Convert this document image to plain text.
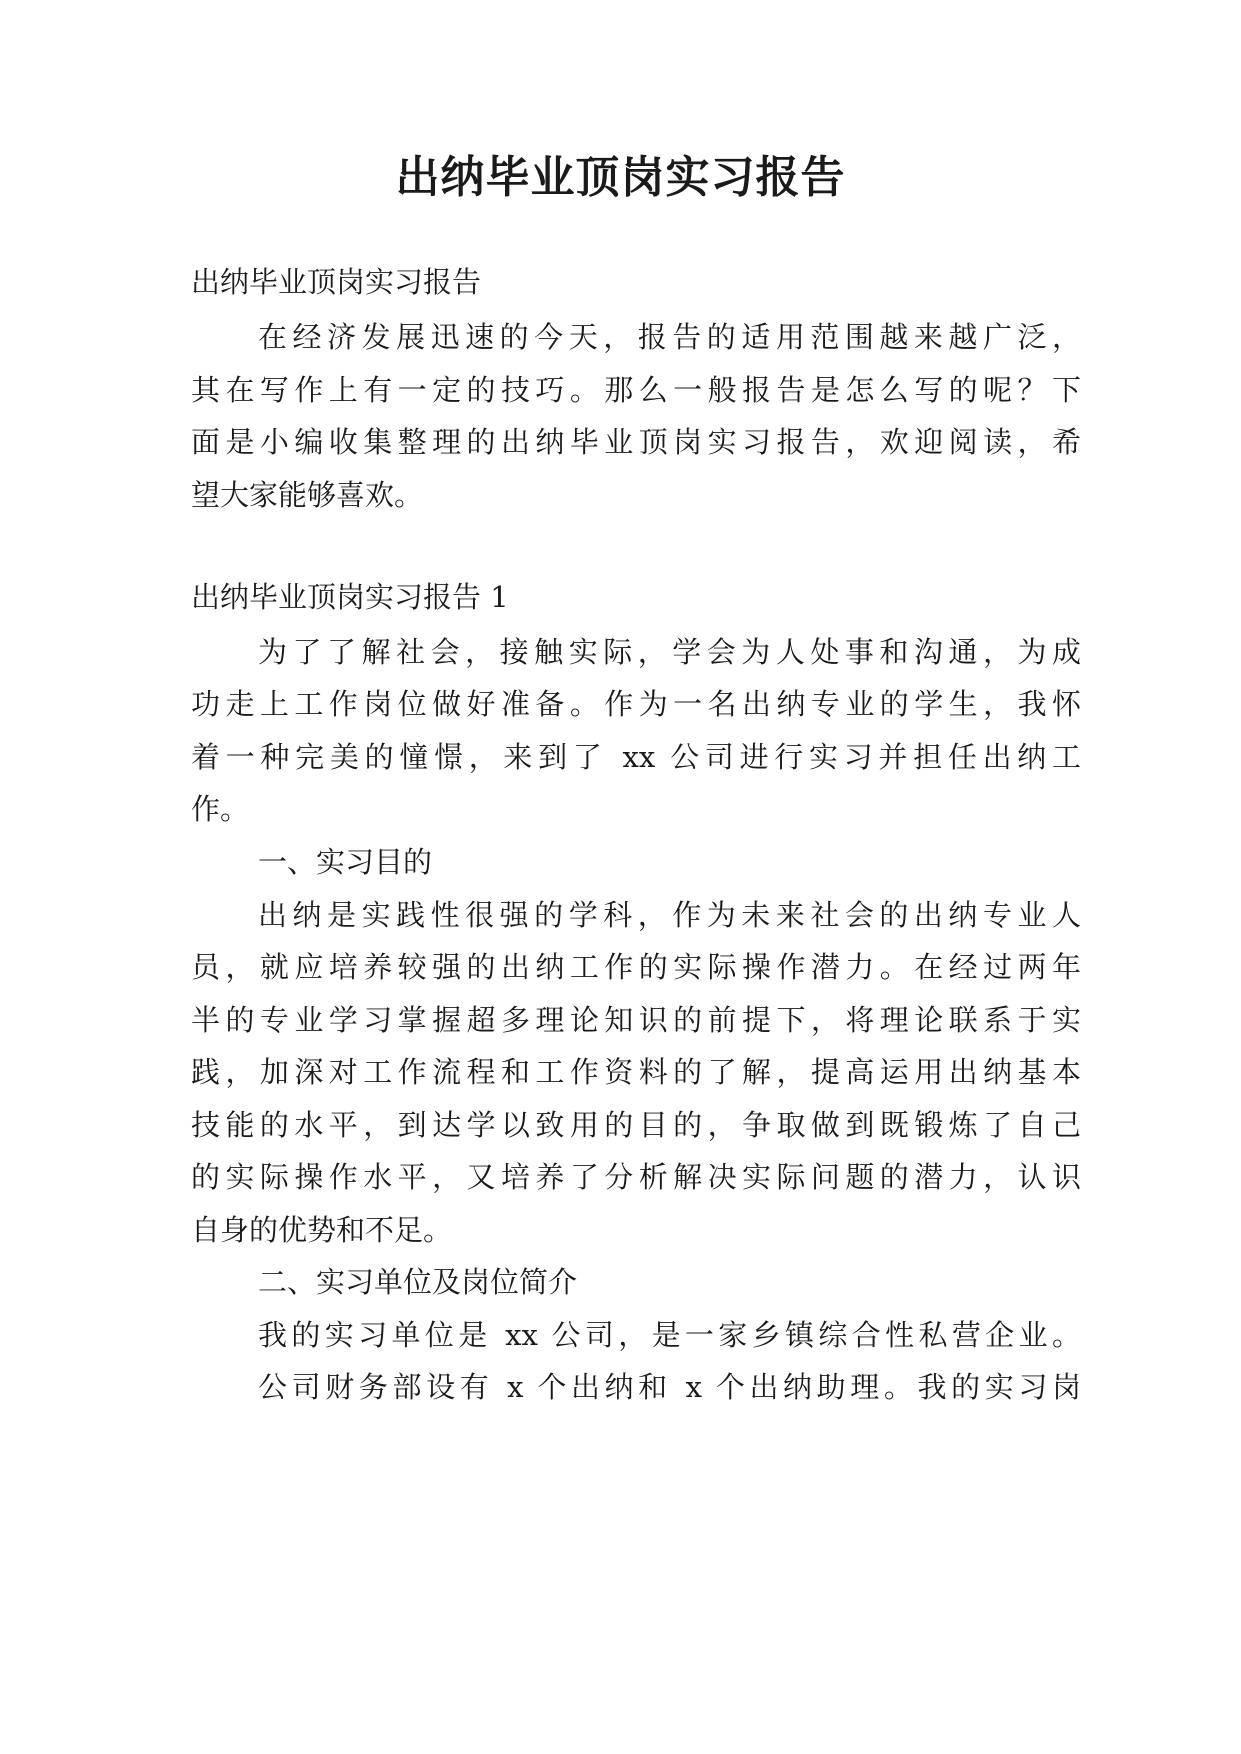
出纳毕业顶岗实习报告
出纳毕业顶岗实习报告
在经济发展迅速的今天，报告的适用范围越来越广泛，
其在写作上有一定的技巧。那么一般报告是怎么写的呢？下
面是小编收集整理的出纳毕业顶岗实习报告，欢迎阅读，希
望大家能够喜欢。
出纳毕业顶岗实习报告 1
为了了解社会，接触实际，学会为人处事和沟通，为成
功走上工作岗位做好准备。作为一名出纳专业的学生，我怀
着一种完美的憧憬，来到了 xx 公司进行实习并担任出纳工
作。
一、实习目的
出纳是实践性很强的学科，作为未来社会的出纳专业人
员，就应培养较强的出纳工作的实际操作潜力。在经过两年
半的专业学习掌握超多理论知识的前提下，将理论联系于实
践，加深对工作流程和工作资料的了解，提高运用出纳基本
技能的水平，到达学以致用的目的，争取做到既锻炼了自己
的实际操作水平，又培养了分析解决实际问题的潜力，认识
自身的优势和不足。
二、实习单位及岗位简介
我的实习单位是 xx 公司，是一家乡镇综合性私营企业。
公司财务部设有 x 个出纳和 x 个出纳助理。我的实习岗
